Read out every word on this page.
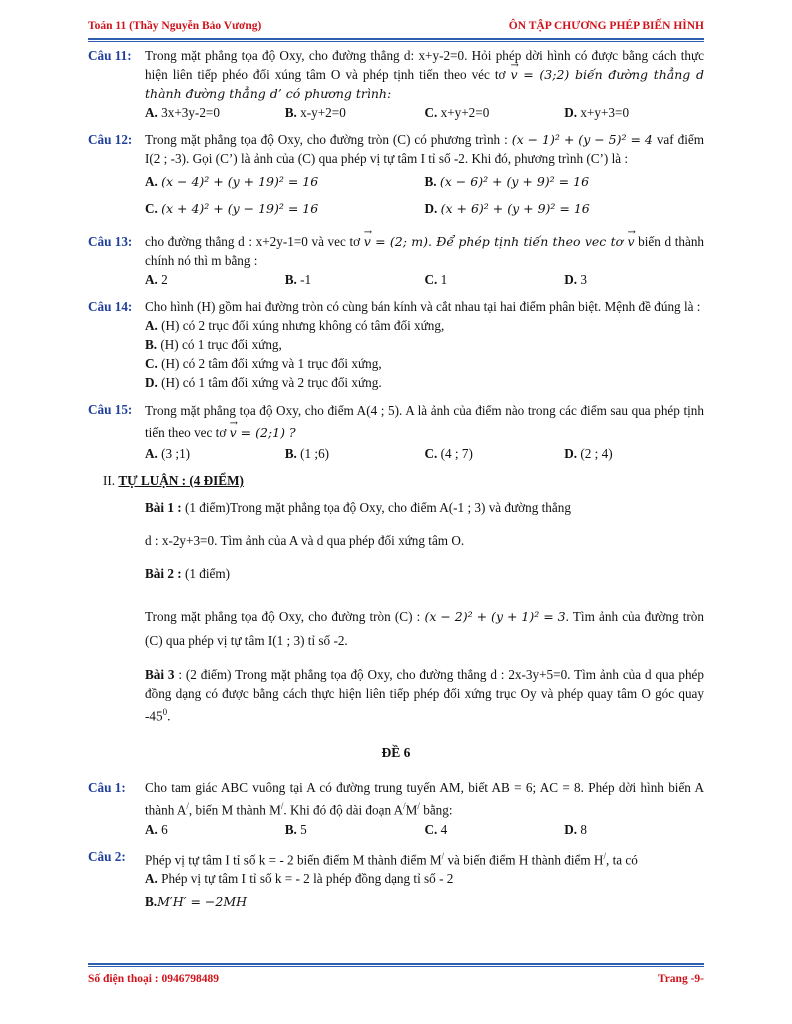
Toán 11 (Thầy Nguyễn Bảo Vương)	ÔN TẬP CHƯƠNG PHÉP BIẾN HÌNH
Câu 11: Trong mặt phẳng tọa độ Oxy, cho đường thẳng d: x+y-2=0. Hỏi phép dời hình có được bằng cách thực hiện liên tiếp phéo đối xúng tâm O và phép tịnh tiến theo véc tơ → v = (3;2) biến đường thẳng d thành đường thẳng d’ có phương trình:
A. 3x+3y-2=0	B. x-y+2=0	C. x+y+2=0	D. x+y+3=0
Câu 12: Trong mặt phẳng tọa độ Oxy, cho đường tròn (C) có phương trình : (x − 1)² + (y − 5)² = 4 vaf điểm I(2 ; -3). Gọi (C’) là ảnh của (C) qua phép vị tự tâm I tỉ số -2. Khi đó, phương trình (C’) là :
A. (x − 4)² + (y + 19)² = 16	B. (x − 6)² + (y + 9)² = 16
C. (x + 4)² + (y − 19)² = 16	D. (x + 6)² + (y + 9)² = 16
Câu 13: cho đường thẳng d : x+2y-1=0 và vec tơ → v = (2; m). Để phép tịnh tiến theo vec tơ → v biến d thành chính nó thì m bằng :
A. 2	B. -1	C. 1	D. 3
Câu 14: Cho hình (H) gồm hai đường tròn có cùng bán kính và cắt nhau tại hai điểm phân biệt. Mệnh đề đúng là :
A. (H) có 2 trục đối xúng nhưng không có tâm đối xứng,
B. (H) có 1 trục đối xứng,
C. (H) có 2 tâm đối xứng và 1 trục đối xứng,
D. (H) có 1 tâm đối xứng và 2 trục đối xứng.
Câu 15: Trong mặt phẳng tọa độ Oxy, cho điểm A(4 ; 5). A là ảnh của điểm nào trong các điểm sau qua phép tịnh tiến theo vec tơ → v = (2;1) ?
A. (3 ;1)	B. (1 ;6)	C. (4 ; 7)	D. (2 ; 4)
II. TỰ LUẬN : (4 ĐIỂM)
Bài 1 : (1 điểm)Trong mặt phẳng tọa độ Oxy, cho điểm A(-1 ; 3) và đường thẳng
d : x-2y+3=0. Tìm ảnh của A và d qua phép đối xứng tâm O.
Bài 2 : (1 điểm)
Trong mặt phẳng tọa độ Oxy, cho đường tròn (C) : (x − 2)² + (y + 1)² = 3. Tìm ảnh của đường tròn (C) qua phép vị tự tâm I(1 ; 3) tỉ số -2.
Bài 3 : (2 điểm) Trong mặt phẳng tọa độ Oxy, cho đường thẳng d : 2x-3y+5=0. Tìm ảnh của d qua phép đồng dạng có được bằng cách thực hiện liên tiếp phép đối xứng trục Oy và phép quay tâm O góc quay $-45^0$.
ĐỀ 6
Câu 1: Cho tam giác ABC vuông tại A có đường trung tuyến AM, biết AB = 6; AC = 8. Phép dời hình biến A thành A/, biến M thành M/. Khi đó độ dài đoạn A/M/ bằng:
A. 6	B. 5	C. 4	D. 8
Câu 2: Phép vị tự tâm I tỉ số k = - 2 biến điểm M thành điểm M/ và biến điểm H thành điểm H/, ta có
A. Phép vị tự tâm I tỉ số k = - 2 là phép đồng dạng tỉ số - 2
B.M′H′ = −2MH
Số điện thoại : 0946798489	Trang -9-
